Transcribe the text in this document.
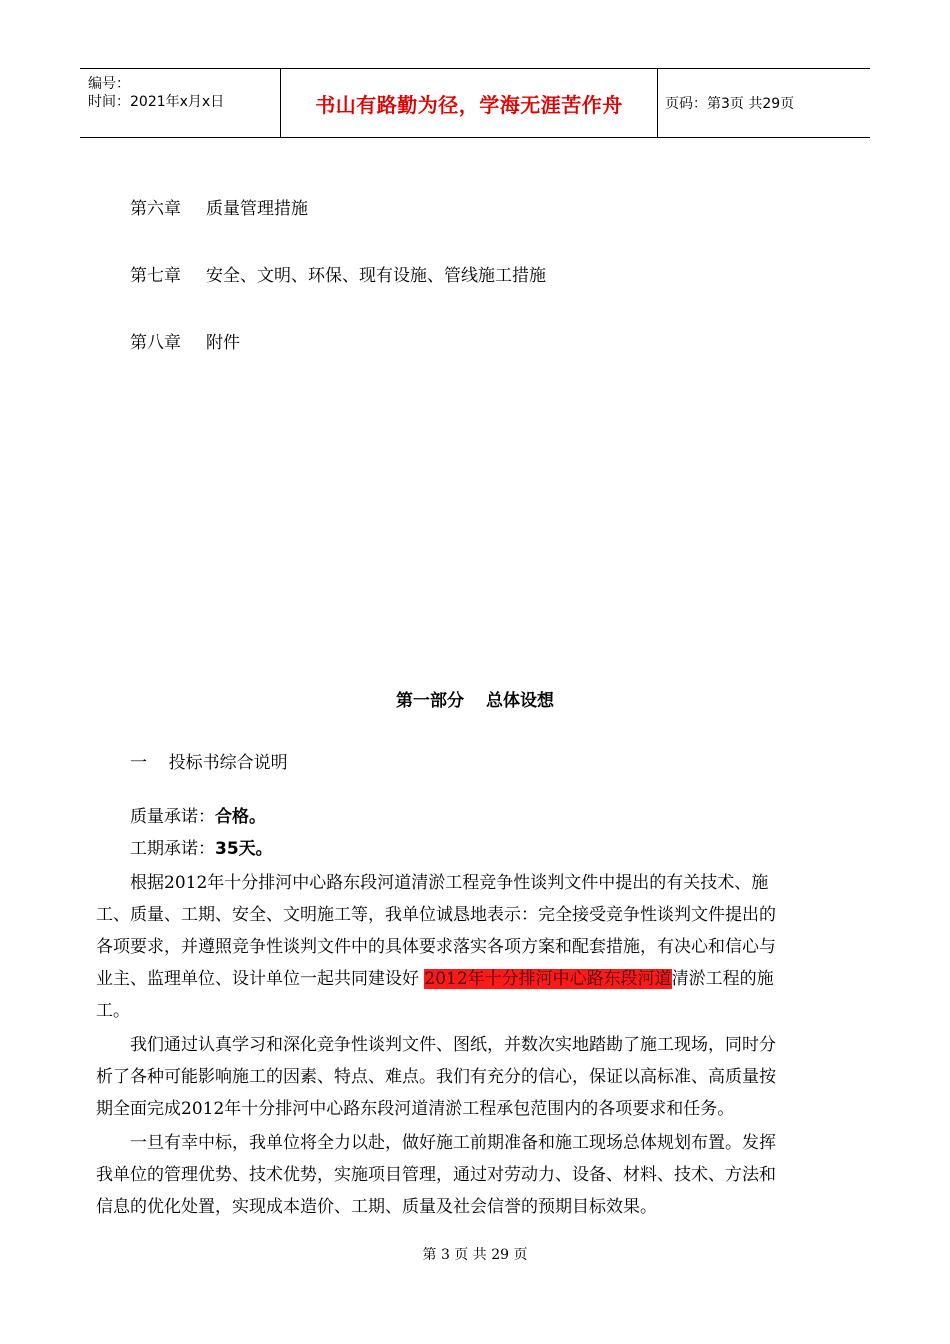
编号：
时间：2021年x月x日	书山有路勤为径，学海无涯苦作舟	页码：第3页 共29页
第六章 质量管理措施
第七章 安全、文明、环保、现有设施、管线施工措施
第八章 附件
第一部分 总体设想
一    投标书综合说明
质量承诺：合格。
工期承诺：35天。
根据2012年十分排河中心路东段河道清淤工程竞争性谈判文件中提出的有关技术、施
工、质量、工期、安全、文明施工等，我单位诚恳地表示：完全接受竞争性谈判文件提出的
各项要求，并遵照竞争性谈判文件中的具体要求落实各项方案和配套措施，有决心和信心与
业主、监理单位、设计单位一起共同建设好 2012年十分排河中心路东段河道清淤工程的施
工。
我们通过认真学习和深化竞争性谈判文件、图纸，并数次实地踏勘了施工现场，同时分
析了各种可能影响施工的因素、特点、难点。我们有充分的信心，保证以高标准、高质量按
期全面完成2012年十分排河中心路东段河道清淤工程承包范围内的各项要求和任务。
一旦有幸中标，我单位将全力以赴，做好施工前期准备和施工现场总体规划布置。发挥
我单位的管理优势、技术优势，实施项目管理，通过对劳动力、设备、材料、技术、方法和
信息的优化处置，实现成本造价、工期、质量及社会信誉的预期目标效果。
第 3 页 共 29 页
